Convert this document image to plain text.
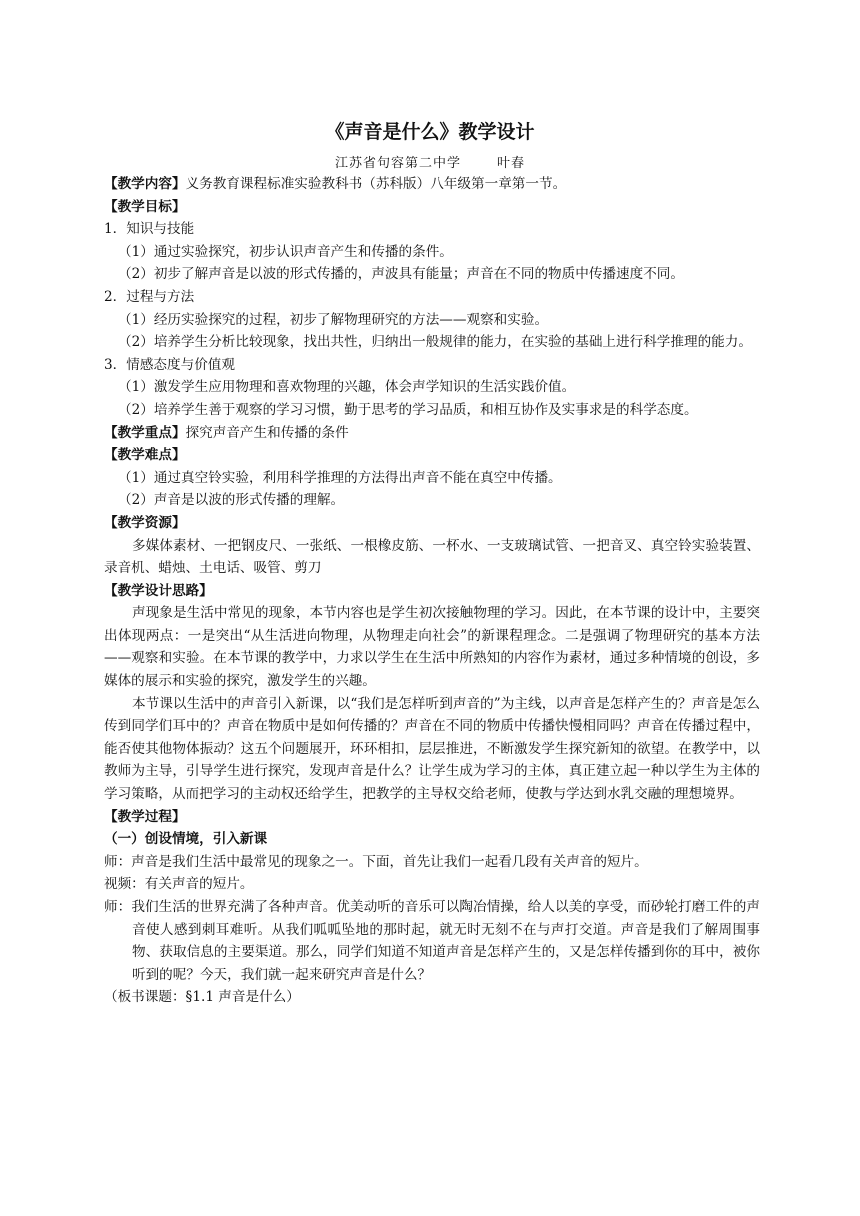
《声音是什么》教学设计
江苏省句容第二中学	叶春

【教学内容】义务教育课程标准实验教科书（苏科版）八年级第一章第一节。

【教学目标】

1．知识与技能

（1）通过实验探究，初步认识声音产生和传播的条件。

（2）初步了解声音是以波的形式传播的，声波具有能量；声音在不同的物质中传播速度不同。

2．过程与方法

（1）经历实验探究的过程，初步了解物理研究的方法——观察和实验。

（2）培养学生分析比较现象，找出共性，归纳出一般规律的能力，在实验的基础上进行科学推理的能力。

3．情感态度与价值观

（1）激发学生应用物理和喜欢物理的兴趣，体会声学知识的生活实践价值。

（2）培养学生善于观察的学习习惯，勤于思考的学习品质，和相互协作及实事求是的科学态度。

【教学重点】探究声音产生和传播的条件

【教学难点】

（1）通过真空铃实验，利用科学推理的方法得出声音不能在真空中传播。

（2）声音是以波的形式传播的理解。

【教学资源】

多媒体素材、一把钢皮尺、一张纸、一根橡皮筋、一杯水、一支玻璃试管、一把音叉、真空铃实验装置、录音机、蜡烛、土电话、吸管、剪刀

【教学设计思路】

声现象是生活中常见的现象，本节内容也是学生初次接触物理的学习。因此，在本节课的设计中，主要突出体现两点：一是突出“从生活进向物理，从物理走向社会”的新课程理念。二是强调了物理研究的基本方法——观察和实验。在本节课的教学中，力求以学生在生活中所熟知的内容作为素材，通过多种情境的创设，多媒体的展示和实验的探究，激发学生的兴趣。

本节课以生活中的声音引入新课，以“我们是怎样听到声音的”为主线，以声音是怎样产生的？声音是怎么传到同学们耳中的？声音在物质中是如何传播的？声音在不同的物质中传播快慢相同吗？声音在传播过程中，能否使其他物体振动？这五个问题展开，环环相扣，层层推进，不断激发学生探究新知的欲望。在教学中，以教师为主导，引导学生进行探究，发现声音是什么？让学生成为学习的主体，真正建立起一种以学生为主体的学习策略，从而把学习的主动权还给学生，把教学的主导权交给老师，使教与学达到水乳交融的理想境界。

【教学过程】

（一）创设情境，引入新课

师：声音是我们生活中最常见的现象之一。下面，首先让我们一起看几段有关声音的短片。

视频：有关声音的短片。

师：我们生活的世界充满了各种声音。优美动听的音乐可以陶冶情操，给人以美的享受，而砂轮打磨工件的声音使人感到刺耳难听。从我们呱呱坠地的那时起，就无时无刻不在与声打交道。声音是我们了解周围事物、获取信息的主要渠道。那么，同学们知道不知道声音是怎样产生的，又是怎样传播到你的耳中，被你听到的呢？今天，我们就一起来研究声音是什么？

（板书课题：§1.1 声音是什么）
